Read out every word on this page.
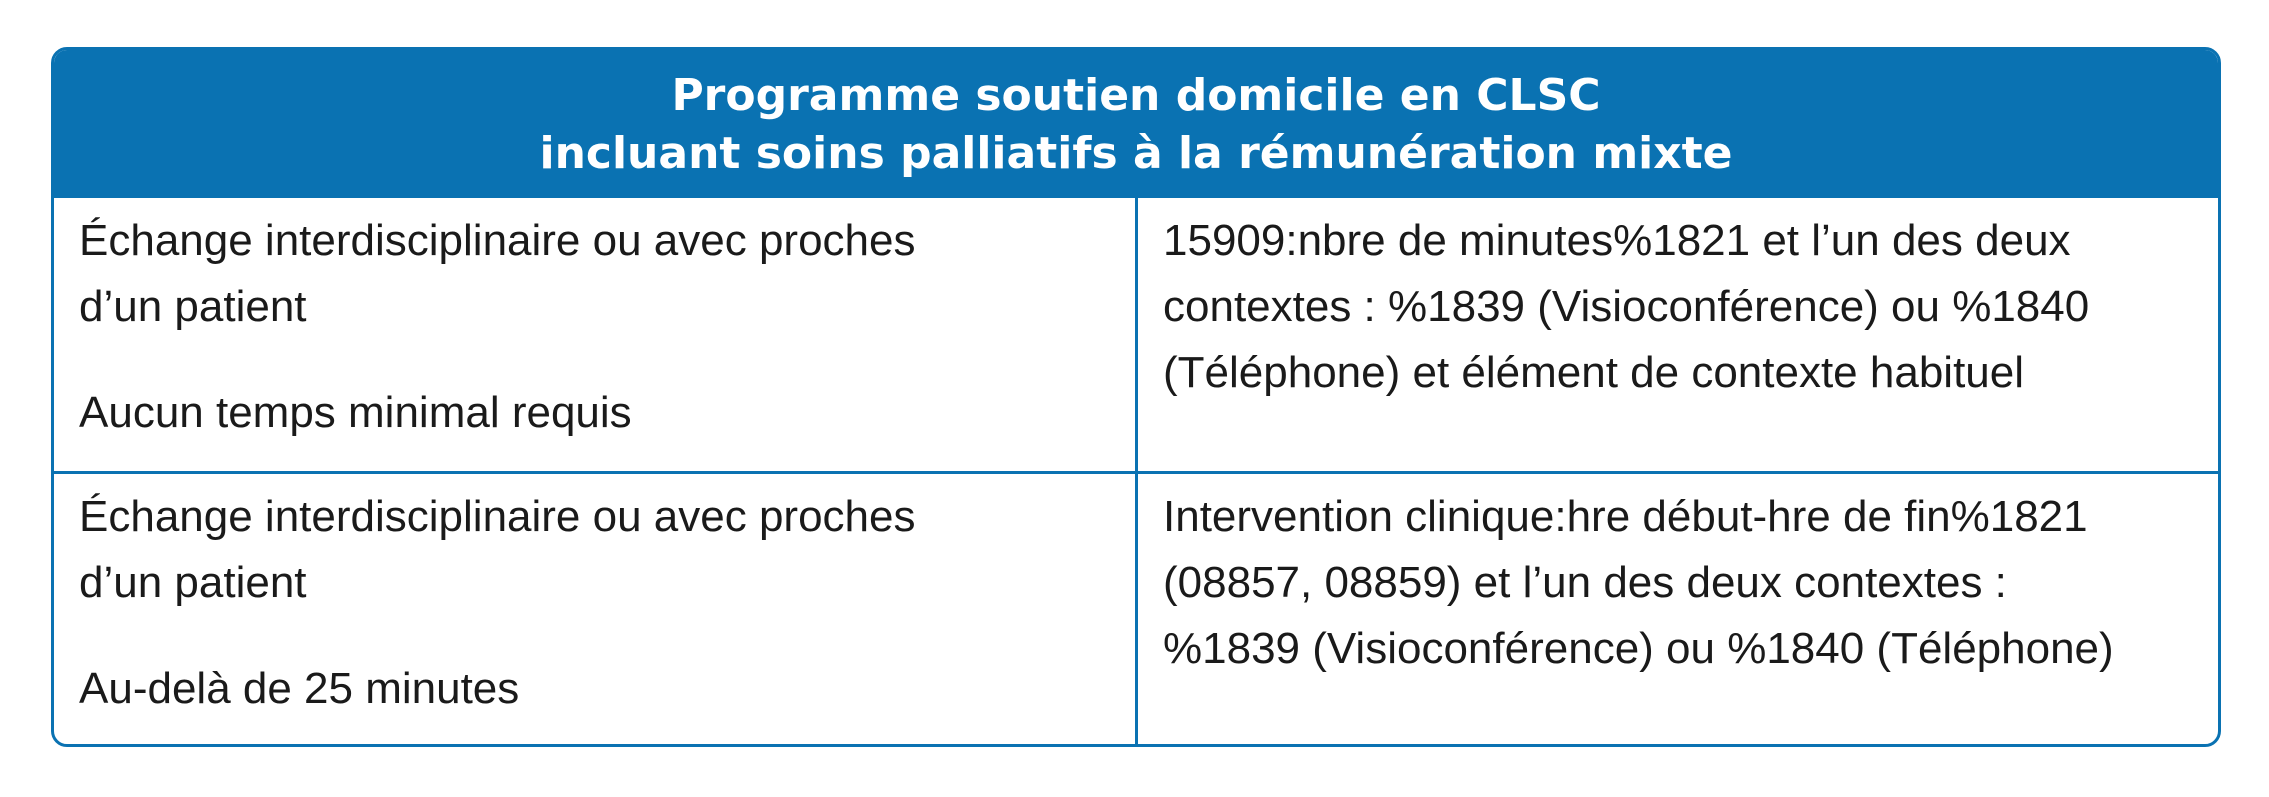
Programme soutien domicile en CLSC
incluant soins palliatifs à la rémunération mixte

Échange interdisciplinaire ou avec proches

d’un patient

Aucun temps minimal requis

15909:nbre de minutes%1821 et l’un des deux

contextes : %1839 (Visioconférence) ou %1840

(Téléphone) et élément de contexte habituel

Échange interdisciplinaire ou avec proches

d’un patient

Au-delà de 25 minutes

Intervention clinique:hre début-hre de fin%1821

(08857, 08859) et l’un des deux contextes :

%1839 (Visioconférence) ou %1840 (Téléphone)
